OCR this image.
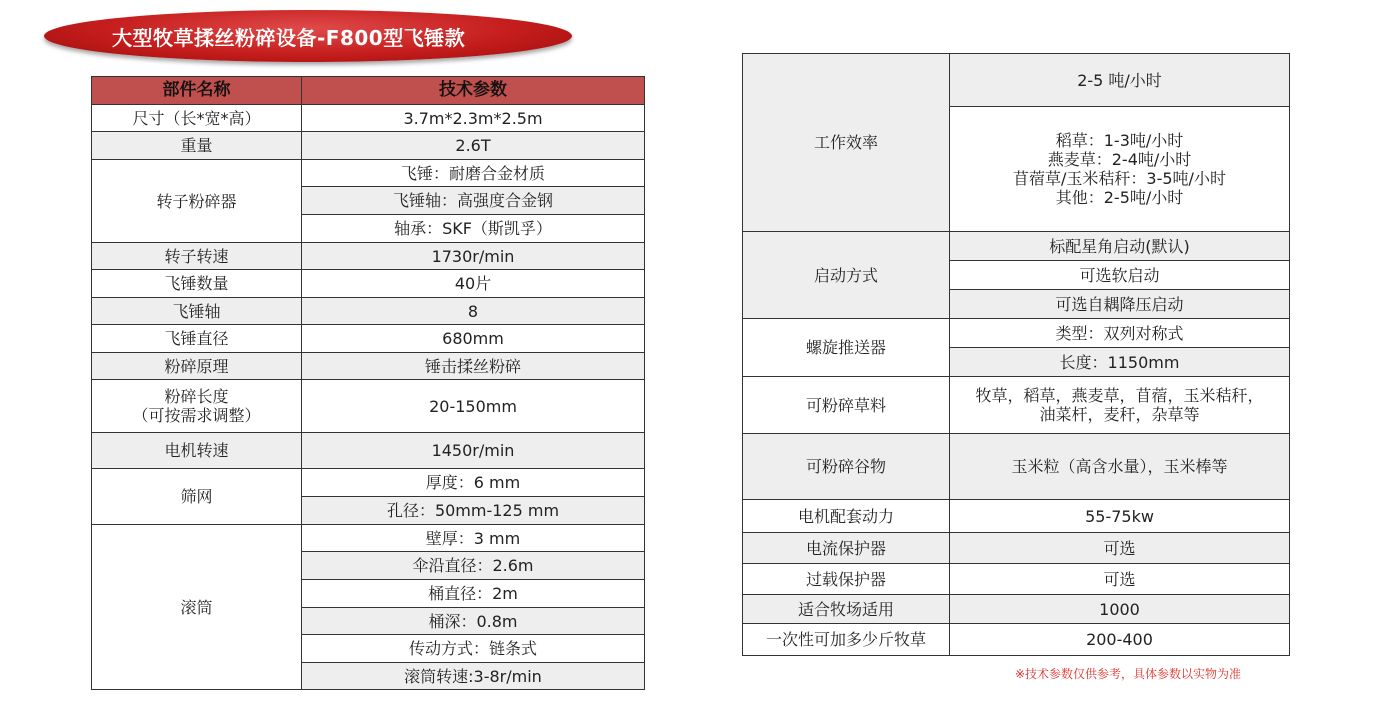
大型牧草揉丝粉碎设备-F800型飞锤款
部件名称	技术参数
尺寸（长*宽*高）	3.7m*2.3m*2.5m
重量	2.6T
转子粉碎器	飞锤：耐磨合金材质
	飞锤轴：高强度合金钢
	轴承：SKF（斯凯孚）
转子转速	1730r/min
飞锤数量	40片
飞锤轴	8
飞锤直径	680mm
粉碎原理	锤击揉丝粉碎
粉碎长度
（可按需求调整）	20-150mm
电机转速	1450r/min
筛网	厚度：6 mm
	孔径：50mm-125 mm
滚筒	壁厚：3 mm
	伞沿直径：2.6m
	桶直径：2m
	桶深：0.8m
	传动方式：链条式
	滚筒转速:3-8r/min
工作效率	2-5 吨/小时
	稻草：1-3吨/小时
燕麦草：2-4吨/小时
苜蓿草/玉米秸秆：3-5吨/小时
其他：2-5吨/小时
启动方式	标配星角启动(默认)
	可选软启动
	可选自耦降压启动
螺旋推送器	类型：双列对称式
	长度：1150mm
可粉碎草料	牧草，稻草，燕麦草，苜蓿，玉米秸秆，
油菜杆，麦秆，杂草等
可粉碎谷物	玉米粒（高含水量），玉米棒等
电机配套动力	55-75kw
电流保护器	可选
过载保护器	可选
适合牧场适用	1000
一次性可加多少斤牧草	200-400
※技术参数仅供参考，具体参数以实物为准
